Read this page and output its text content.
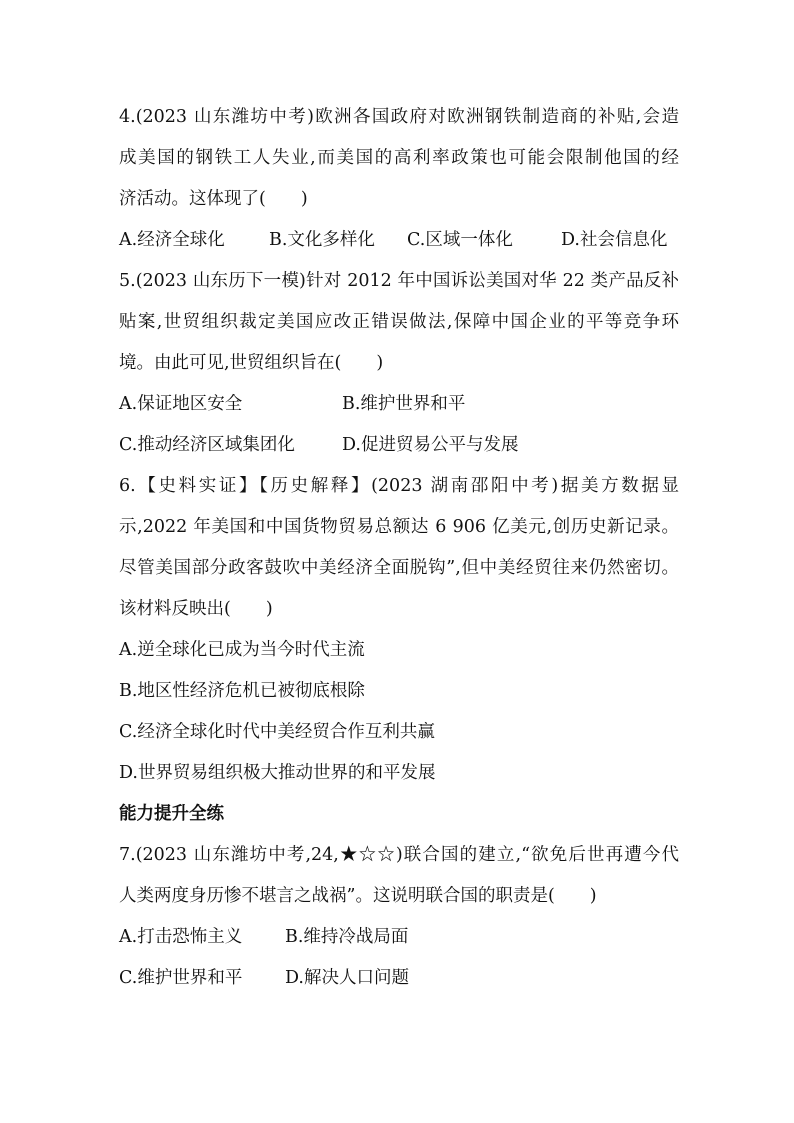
4.(2023 山东潍坊中考)欧洲各国政府对欧洲钢铁制造商的补贴,会造
成美国的钢铁工人失业,而美国的高利率政策也可能会限制他国的经
济活动。这体现了(　　)
A.经济全球化	B.文化多样化 C.区域一体化	D.社会信息化
5.(2023 山东历下一模)针对 2012 年中国诉讼美国对华 22 类产品反补
贴案,世贸组织裁定美国应改正错误做法,保障中国企业的平等竞争环
境。由此可见,世贸组织旨在(　　)
A.保证地区安全	B.维护世界和平
C.推动经济区域集团化	D.促进贸易公平与发展
6.【史料实证】【历史解释】(2023 湖南邵阳中考)据美方数据显
示,2022 年美国和中国货物贸易总额达 6 906 亿美元,创历史新记录。
尽管美国部分政客鼓吹中美经济全面脱钩”,但中美经贸往来仍然密切。
该材料反映出(　　)
A.逆全球化已成为当今时代主流
B.地区性经济危机已被彻底根除
C.经济全球化时代中美经贸合作互利共赢
D.世界贸易组织极大推动世界的和平发展
能力提升全练
7.(2023 山东潍坊中考,24,★☆☆)联合国的建立,“欲免后世再遭今代
人类两度身历惨不堪言之战祸”。这说明联合国的职责是(　　)
A.打击恐怖主义 B.维持冷战局面
C.维护世界和平 D.解决人口问题
